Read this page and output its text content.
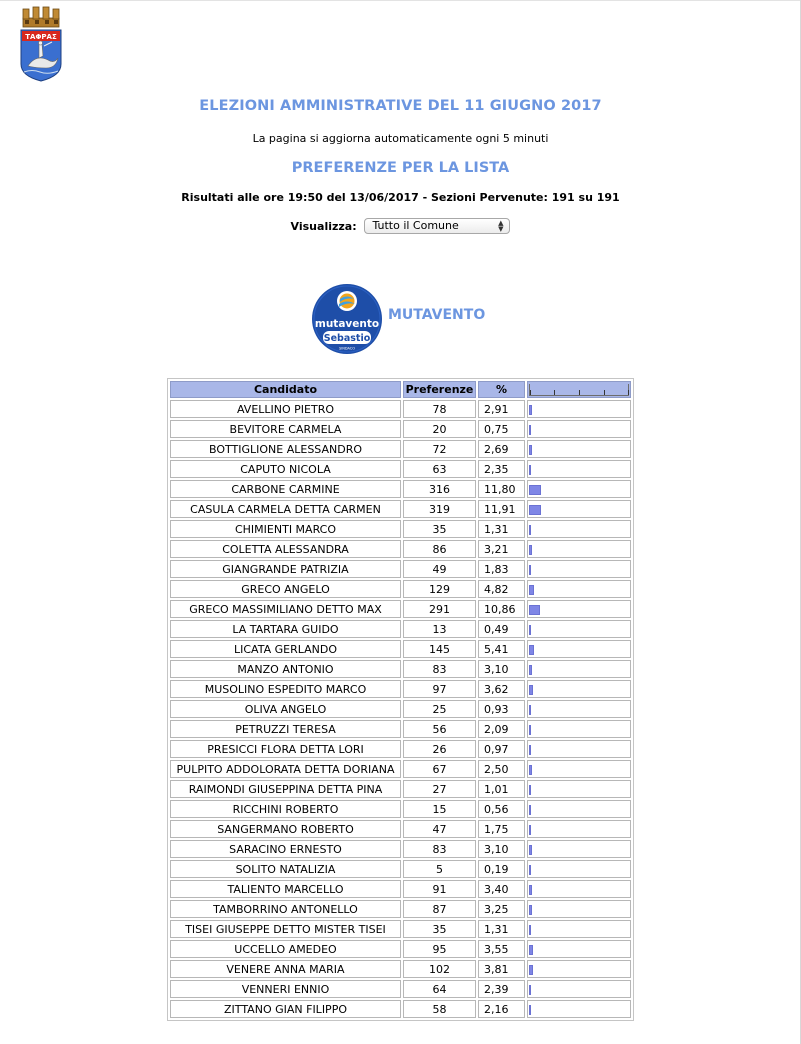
ΤΑΦΡΑΣ
ELEZIONI AMMINISTRATIVE DEL 11 GIUGNO 2017
La pagina si aggiorna automaticamente ogni 5 minuti
PREFERENZE PER LA LISTA
Risultati alle ore 19:50 del 13/06/2017 - Sezioni Pervenute: 191 su 191
Visualizza: Tutto il Comune	▲
▼
mutavento
Sebastio
SINDACO
MUTAVENTO
Candidato	Preferenze	%	

AVELLINO PIETRO	78	2,91	
BEVITORE CARMELA	20	0,75	
BOTTIGLIONE ALESSANDRO	72	2,69	
CAPUTO NICOLA	63	2,35	
CARBONE CARMINE	316	11,80	
CASULA CARMELA DETTA CARMEN	319	11,91	
CHIMIENTI MARCO	35	1,31	
COLETTA ALESSANDRA	86	3,21	
GIANGRANDE PATRIZIA	49	1,83	
GRECO ANGELO	129	4,82	
GRECO MASSIMILIANO DETTO MAX	291	10,86	
LA TARTARA GUIDO	13	0,49	
LICATA GERLANDO	145	5,41	
MANZO ANTONIO	83	3,10	
MUSOLINO ESPEDITO MARCO	97	3,62	
OLIVA ANGELO	25	0,93	
PETRUZZI TERESA	56	2,09	
PRESICCI FLORA DETTA LORI	26	0,97	
PULPITO ADDOLORATA DETTA DORIANA	67	2,50	
RAIMONDI GIUSEPPINA DETTA PINA	27	1,01	
RICCHINI ROBERTO	15	0,56	
SANGERMANO ROBERTO	47	1,75	
SARACINO ERNESTO	83	3,10	
SOLITO NATALIZIA	5	0,19	
TALIENTO MARCELLO	91	3,40	
TAMBORRINO ANTONELLO	87	3,25	
TISEI GIUSEPPE DETTO MISTER TISEI	35	1,31	
UCCELLO AMEDEO	95	3,55	
VENERE ANNA MARIA	102	3,81	
VENNERI ENNIO	64	2,39	
ZITTANO GIAN FILIPPO	58	2,16	
